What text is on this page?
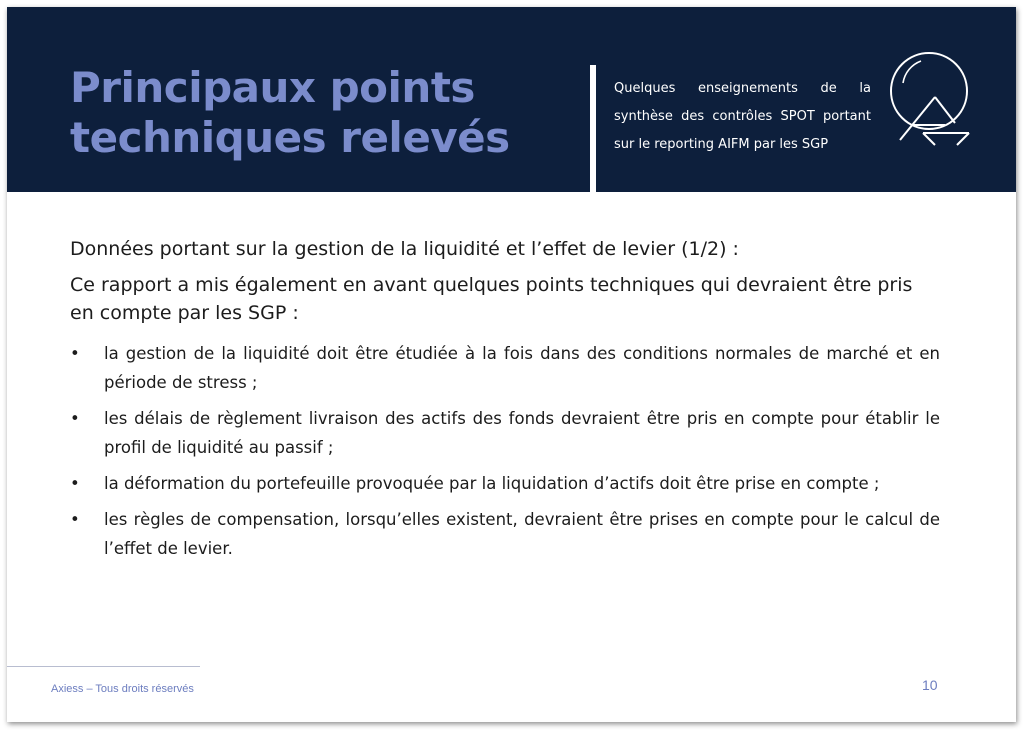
Principaux points
techniques relevés

Quelques enseignements de la synthèse des contrôles SPOT portant sur le reporting AIFM par les SGP

Données portant sur la gestion de la liquidité et l’effet de levier (1/2) :

Ce rapport a mis également en avant quelques points techniques qui devraient être pris en compte par les SGP :

• la gestion de la liquidité doit être étudiée à la fois dans des conditions normales de marché et en période de stress ;
• les délais de règlement livraison des actifs des fonds devraient être pris en compte pour établir le profil de liquidité au passif ;
• la déformation du portefeuille provoquée par la liquidation d’actifs doit être prise en compte ;
• les règles de compensation, lorsqu’elles existent, devraient être prises en compte pour le calcul de l’effet de levier.
Axiess – Tous droits réservés	10
